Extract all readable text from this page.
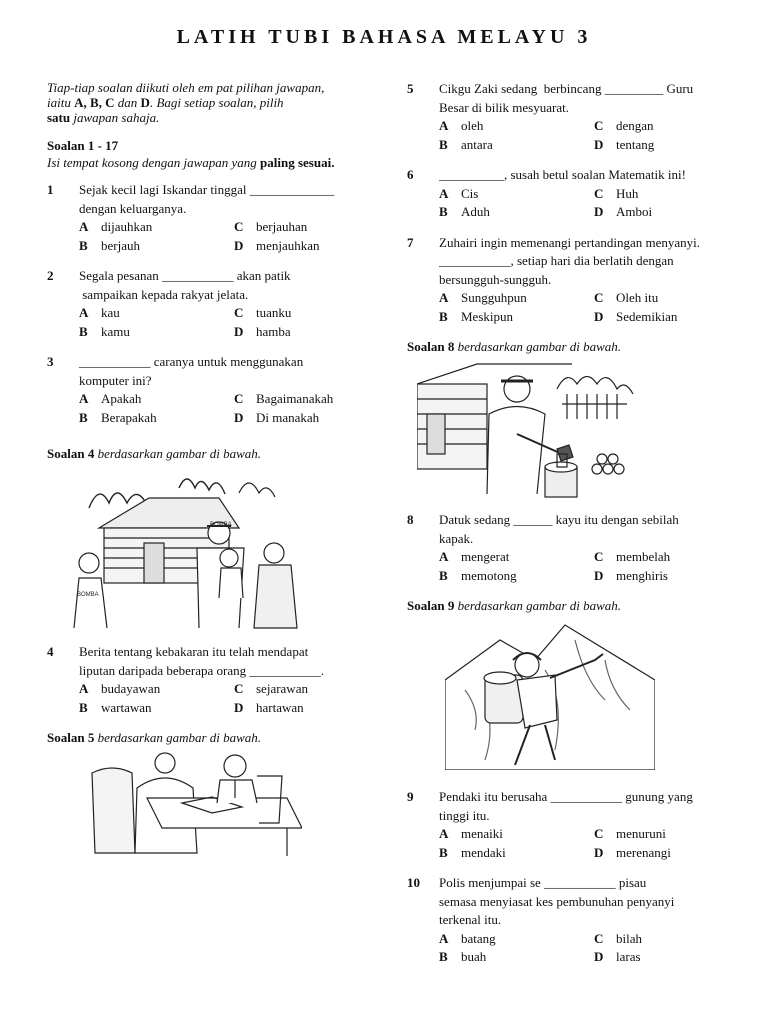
LATIH TUBI BAHASA MELAYU 3

Tiap-tiap soalan diikuti oleh em pat pilihan jawapan,
iaitu A, B, C dan D. Bagi setiap soalan, pilih
satu jawapan sahaja.

Soalan 1 - 17

Isi tempat kosong dengan jawapan yang paling sesuai.

1 Sejak kecil lagi Iskandar tinggal _____________
dengan keluarganya.
A dijauhkan	C berjauhan
B berjauh	D menjauhkan
2 Segala pesanan ___________ akan patik
sampaikan kepada rakyat jelata.
A kau	C tuanku
B kamu	D hamba
3 ___________ caranya untuk menggunakan
komputer ini?
A Apakah	C Bagaimanakah
B Berapakah	D Di manakah

Soalan 4 berdasarkan gambar di bawah.

BOMBA
BOMBA
4 Berita tentang kebakaran itu telah mendapat
liputan daripada beberapa orang ___________.
A budayawan	C sejarawan
B wartawan	D hartawan

Soalan 5 berdasarkan gambar di bawah.

5 Cikgu Zaki sedang  berbincang _________ Guru
Besar di bilik mesyuarat.
A oleh	C dengan
B antara	D tentang
6 __________, susah betul soalan Matematik ini!
A Cis	C Huh
B Aduh	D Amboi
7 Zuhairi ingin memenangi pertandingan menyanyi.
___________, setiap hari dia berlatih dengan
bersungguh-sungguh.
A Sungguhpun	C Oleh itu
B Meskipun	D Sedemikian

Soalan 8 berdasarkan gambar di bawah.

8 Datuk sedang ______ kayu itu dengan sebilah
kapak.
A mengerat	C membelah
B memotong	D menghiris

Soalan 9 berdasarkan gambar di bawah.

9 Pendaki itu berusaha ___________ gunung yang
tinggi itu.
A menaiki	C menuruni
B mendaki	D merenangi
10 Polis menjumpai se ___________ pisau
semasa menyiasat kes pembunuhan penyanyi
terkenal itu.
A batang	C bilah
B buah	D laras
